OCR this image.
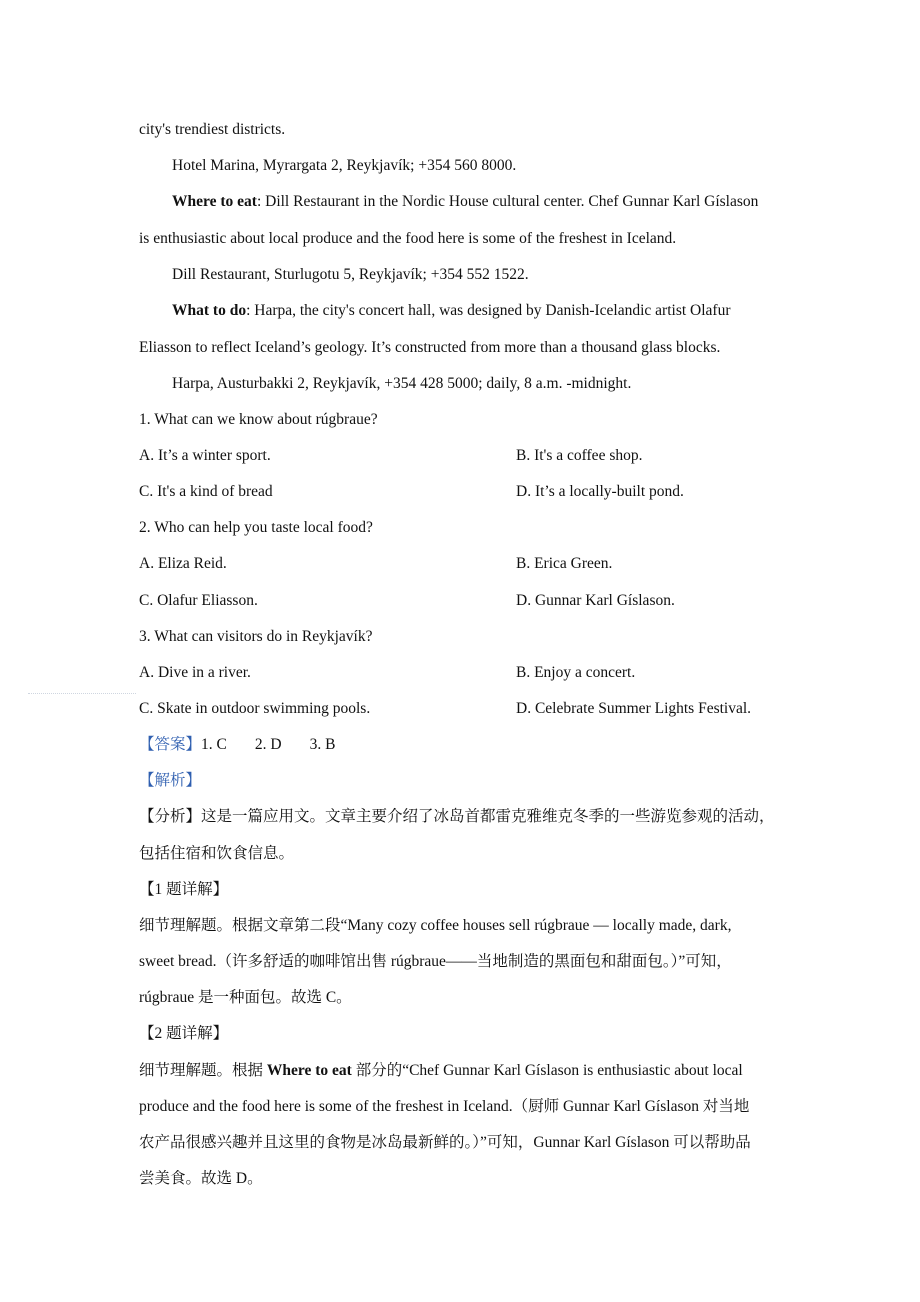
city's trendiest districts.
Hotel Marina, Myrargata 2, Reykjavík; +354 560 8000.
Where to eat: Dill Restaurant in the Nordic House cultural center. Chef Gunnar Karl Gíslason
is enthusiastic about local produce and the food here is some of the freshest in Iceland.
Dill Restaurant, Sturlugotu 5, Reykjavík; +354 552 1522.
What to do: Harpa, the city's concert hall, was designed by Danish-Icelandic artist Olafur
Eliasson to reflect Iceland’s geology. It’s constructed from more than a thousand glass blocks.
Harpa, Austurbakki 2, Reykjavík, +354 428 5000; daily, 8 a.m. -midnight.
1. What can we know about rúgbraue?
A. It’s a winter sport.	B. It's a coffee shop.
C. It's a kind of bread	D. It’s a locally-built pond.
2. Who can help you taste local food?
A. Eliza Reid.	B. Erica Green.
C. Olafur Eliasson.	D. Gunnar Karl Gíslason.
3. What can visitors do in Reykjavík?
A. Dive in a river.	B. Enjoy a concert.
C. Skate in outdoor swimming pools.	D. Celebrate Summer Lights Festival.
【答案】1. C 2. D 3. B
【解析】
【分析】这是一篇应用文。文章主要介绍了冰岛首都雷克雅维克冬季的一些游览参观的活动，
包括住宿和饮食信息。
【1 题详解】
细节理解题。根据文章第二段“Many cozy coffee houses sell rúgbraue — locally made, dark,
sweet bread.（许多舒适的咖啡馆出售 rúgbraue——当地制造的黑面包和甜面包。）”可知，
rúgbraue 是一种面包。故选 C。
【2 题详解】
细节理解题。根据 Where to eat 部分的“Chef Gunnar Karl Gíslason is enthusiastic about local
produce and the food here is some of the freshest in Iceland.（厨师 Gunnar Karl Gíslason 对当地
农产品很感兴趣并且这里的食物是冰岛最新鲜的。）”可知，Gunnar Karl Gíslason 可以帮助品
尝美食。故选 D。
